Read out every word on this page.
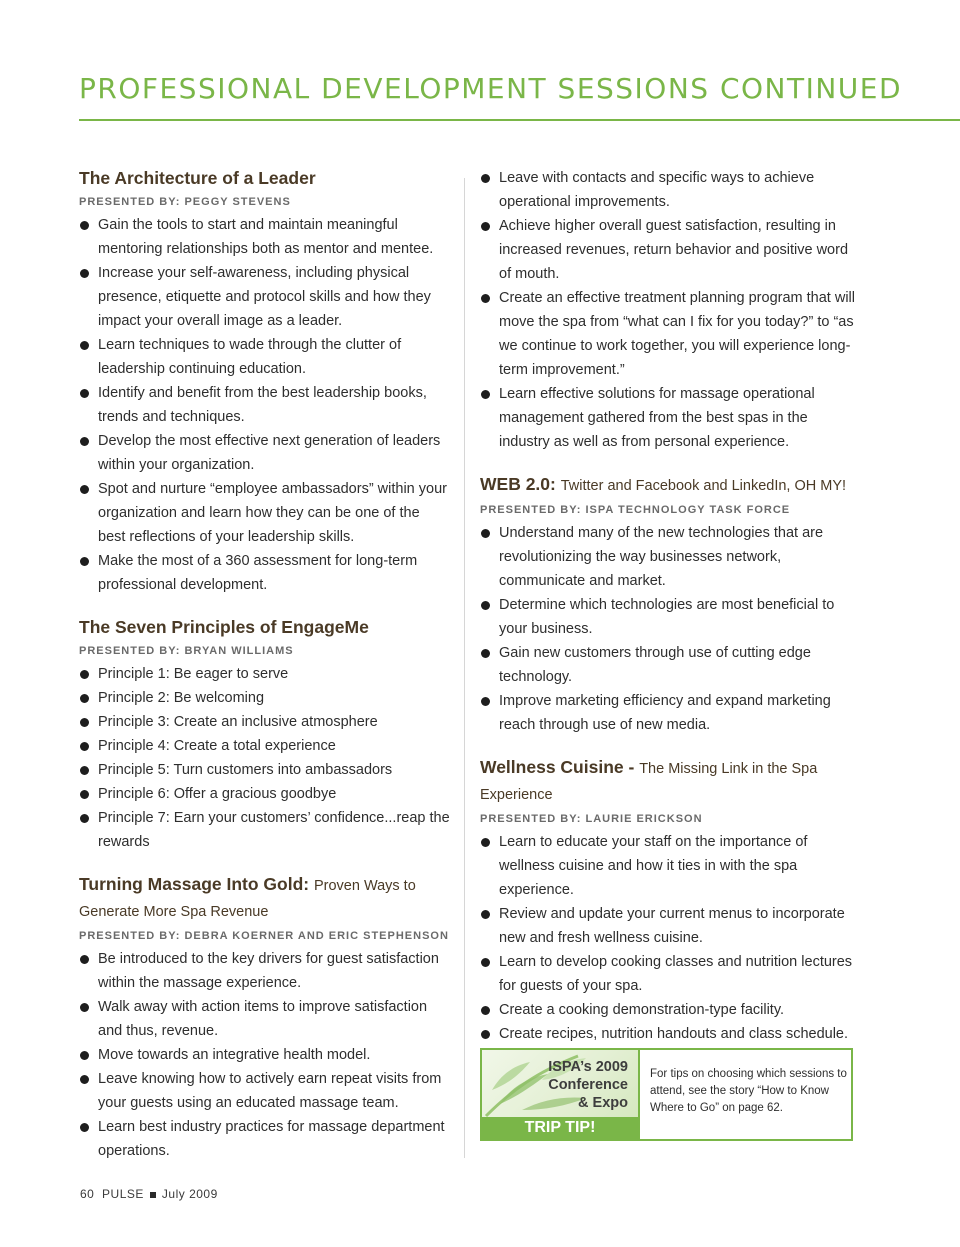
PROFESSIONAL DEVELOPMENT SESSIONS CONTINUED
The Architecture of a Leader
PRESENTED BY: PEGGY STEVENS
Gain the tools to start and maintain meaningful mentoring relationships both as mentor and mentee.
Increase your self-awareness, including physical presence, etiquette and protocol skills and how they impact your overall image as a leader.
Learn techniques to wade through the clutter of leadership continuing education.
Identify and benefit from the best leadership books, trends and techniques.
Develop the most effective next generation of leaders within your organization.
Spot and nurture “employee ambassadors” within your organization and learn how they can be one of the best reflections of your leadership skills.
Make the most of a 360 assessment for long-term professional development.
The Seven Principles of EngageMe
PRESENTED BY: BRYAN WILLIAMS
Principle 1: Be eager to serve
Principle 2: Be welcoming
Principle 3: Create an inclusive atmosphere
Principle 4: Create a total experience
Principle 5: Turn customers into ambassadors
Principle 6: Offer a gracious goodbye
Principle 7: Earn your customers’ confidence...reap the rewards
Turning Massage Into Gold: Proven Ways to Generate More Spa Revenue
PRESENTED BY: DEBRA KOERNER AND ERIC STEPHENSON
Be introduced to the key drivers for guest satisfaction within the massage experience.
Walk away with action items to improve satisfaction and thus, revenue.
Move towards an integrative health model.
Leave knowing how to actively earn repeat visits from your guests using an educated massage team.
Learn best industry practices for massage department operations.
Leave with contacts and specific ways to achieve operational improvements.
Achieve higher overall guest satisfaction, resulting in increased revenues, return behavior and positive word of mouth.
Create an effective treatment planning program that will move the spa from “what can I fix for you today?” to “as we continue to work together, you will experience long-term improvement.”
Learn effective solutions for massage operational management gathered from the best spas in the industry as well as from personal experience.
WEB 2.0: Twitter and Facebook and LinkedIn, OH MY!
PRESENTED BY: ISPA TECHNOLOGY TASK FORCE
Understand many of the new technologies that are revolutionizing the way businesses network, communicate and market.
Determine which technologies are most beneficial to your business.
Gain new customers through use of cutting edge technology.
Improve marketing efficiency and expand marketing reach through use of new media.
Wellness Cuisine - The Missing Link in the Spa Experience
PRESENTED BY: LAURIE ERICKSON
Learn to educate your staff on the importance of wellness cuisine and how it ties in with the spa experience.
Review and update your current menus to incorporate new and fresh wellness cuisine.
Learn to develop cooking classes and nutrition lectures for guests of your spa.
Create a cooking demonstration-type facility.
Create recipes, nutrition handouts and class schedule.
ISPA’s 2009
Conference
& Expo
TRIP TIP!
For tips on choosing which sessions to attend, see the story “How to Know Where to Go” on page 62.
60 PULSE July 2009
